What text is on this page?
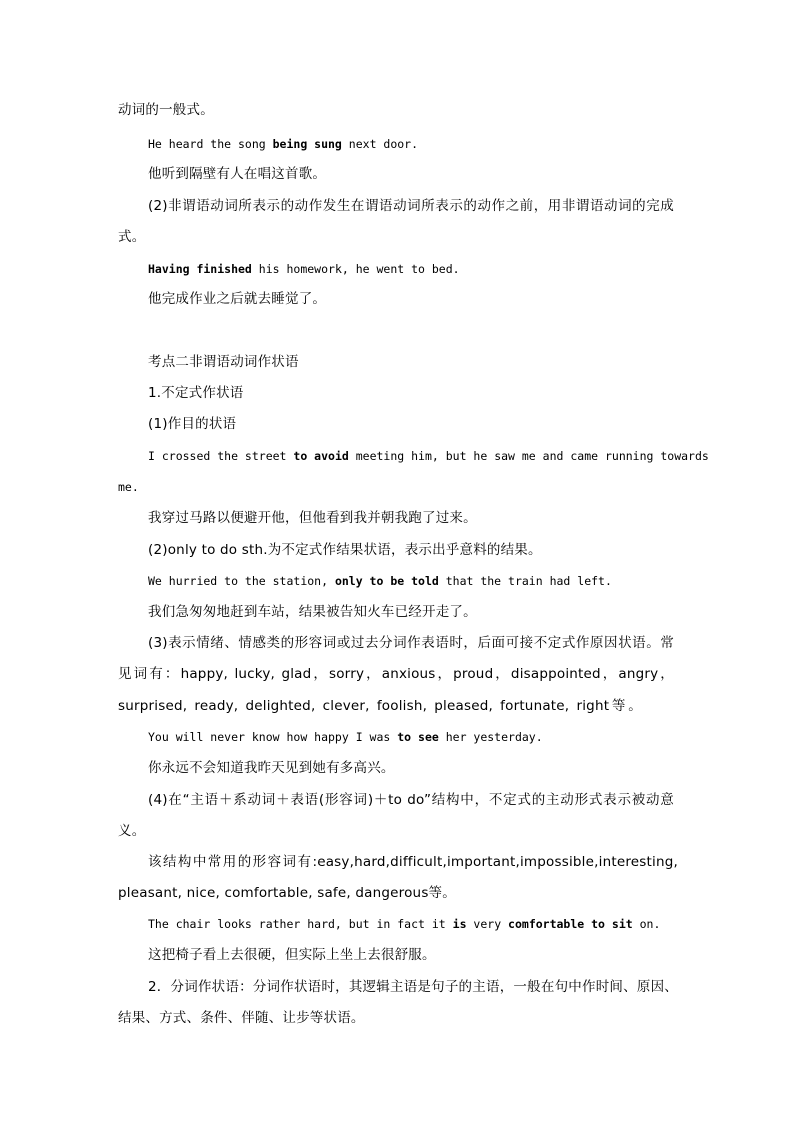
动词的一般式。
He heard the song being sung next door.
他听到隔壁有人在唱这首歌。
(2)非谓语动词所表示的动作发生在谓语动词所表示的动作之前，用非谓语动词的完成
式。
Having finished his homework, he went to bed.
他完成作业之后就去睡觉了。
考点二非谓语动词作状语
1.不定式作状语
(1)作目的状语
I crossed the street to avoid meeting him, but he saw me and came running towards
me.
我穿过马路以便避开他，但他看到我并朝我跑了过来。
(2)only to do sth.为不定式作结果状语，表示出乎意料的结果。
We hurried to the station, only to be told that the train had left.
我们急匆匆地赶到车站，结果被告知火车已经开走了。
(3)表示情绪、情感类的形容词或过去分词作表语时，后面可接不定式作原因状语。常
见词有：happy, lucky, glad，sorry，anxious，proud，disappointed，angry，
surprised, ready, delighted, clever, foolish, pleased, fortunate, right等。
You will never know how happy I was to see her yesterday.
你永远不会知道我昨天见到她有多高兴。
(4)在“主语＋系动词＋表语(形容词)＋to do”结构中，不定式的主动形式表示被动意
义。
该结构中常用的形容词有:easy,hard,difficult,important,impossible,interesting,
pleasant, nice, comfortable, safe, dangerous等。
The chair looks rather hard, but in fact it is very comfortable to sit on.
这把椅子看上去很硬，但实际上坐上去很舒服。
2．分词作状语：分词作状语时，其逻辑主语是句子的主语，一般在句中作时间、原因、
结果、方式、条件、伴随、让步等状语。
